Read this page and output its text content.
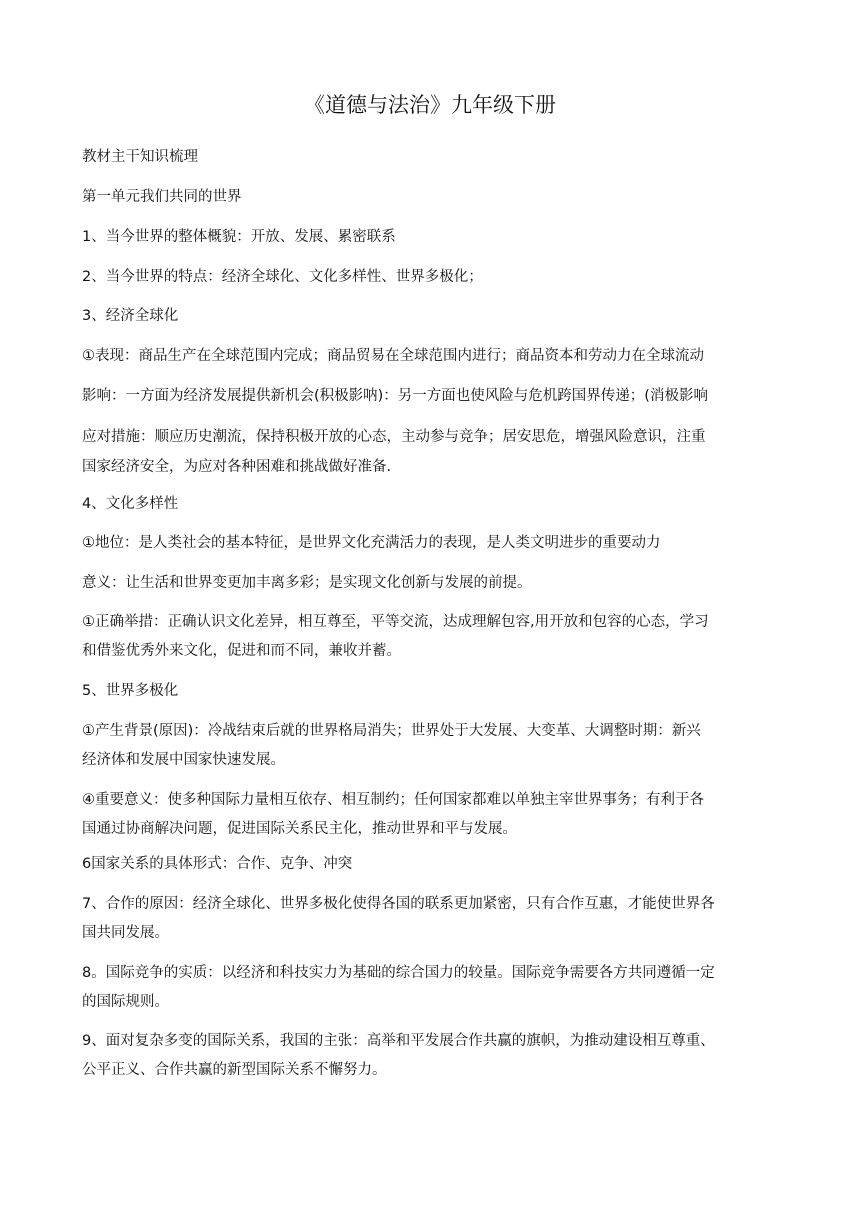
《道德与法治》九年级下册
教材主干知识梳理
第一单元我们共同的世界
1、当今世界的整体概貌：开放、发展、累密联系
2、当今世界的特点：经济全球化、文化多样性、世界多极化；
3、经济全球化
①表现：商品生产在全球范围内完成；商品贸易在全球范围内进行；商品资本和劳动力在全球流动
影响：一方面为经济发展提供新机会(积极影呐)：另一方面也使风险与危机跨国界传递；(消极影响
应对措施：顺应历史潮流，保持积极开放的心态，主动参与竞争；居安思危，增强风险意识，注重
国家经济安全，为应对各种困难和挑战做好准备.
4、文化多样性
①地位：是人类社会的基本特征，是世界文化充满活力的表现，是人类文明进步的重要动力
意义：让生活和世界变更加丰离多彩；是实现文化创新与发展的前提。
①正确举措：正确认识文化差异，相互尊至，平等交流，达成理解包容,用开放和包容的心态，学习
和借鉴优秀外来文化，促进和而不同，兼收并蓄。
5、世界多极化
①产生背景(原因)：冷战结束后就的世界格局消失；世界处于大发展、大变革、大调整时期：新兴
经济体和发展中国家快速发展。
④重要意义：使多种国际力量相互依存、相互制约；任何国家都难以单独主宰世界事务；有利于各
国通过协商解决问题，促进国际关系民主化，推动世界和平与发展。
6国家关系的具体形式：合作、克争、冲突
7、合作的原因：经济全球化、世界多极化使得各国的联系更加紧密，只有合作互惠，才能使世界各
国共同发展。
8。国际竞争的实质：以经济和科技实力为基础的综合国力的较量。国际竞争需要各方共同遵循一定
的国际规则。
9、面对复杂多变的国际关系，我国的主张：高举和平发展合作共赢的旗帜，为推动建设相互尊重、
公平正义、合作共赢的新型国际关系不懈努力。
